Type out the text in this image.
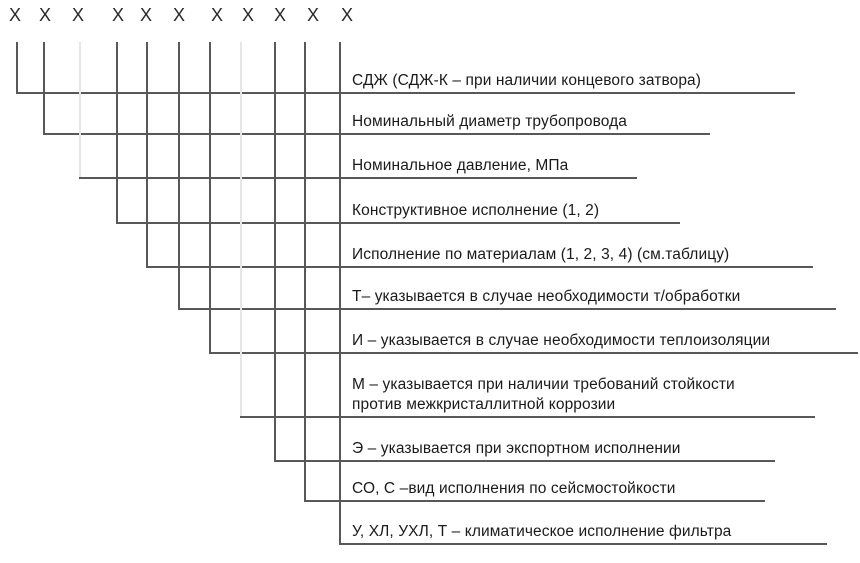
X X X X X X X X X X X
СДЖ (СДЖ-К – при наличии концевого затвора)
Номинальный диаметр трубопровода
Номинальное давление, МПа
Конструктивное исполнение (1, 2)
Исполнение по материалам (1, 2, 3, 4) (см.таблицу)
Т– указывается в случае необходимости т/обработки
И – указывается в случае необходимости теплоизоляции
М – указывается при наличии требований стойкости
против межкристаллитной коррозии
Э – указывается при экспортном исполнении
СО, С –вид исполнения по сейсмостойкости
У, ХЛ, УХЛ, Т – климатическое исполнение фильтра
